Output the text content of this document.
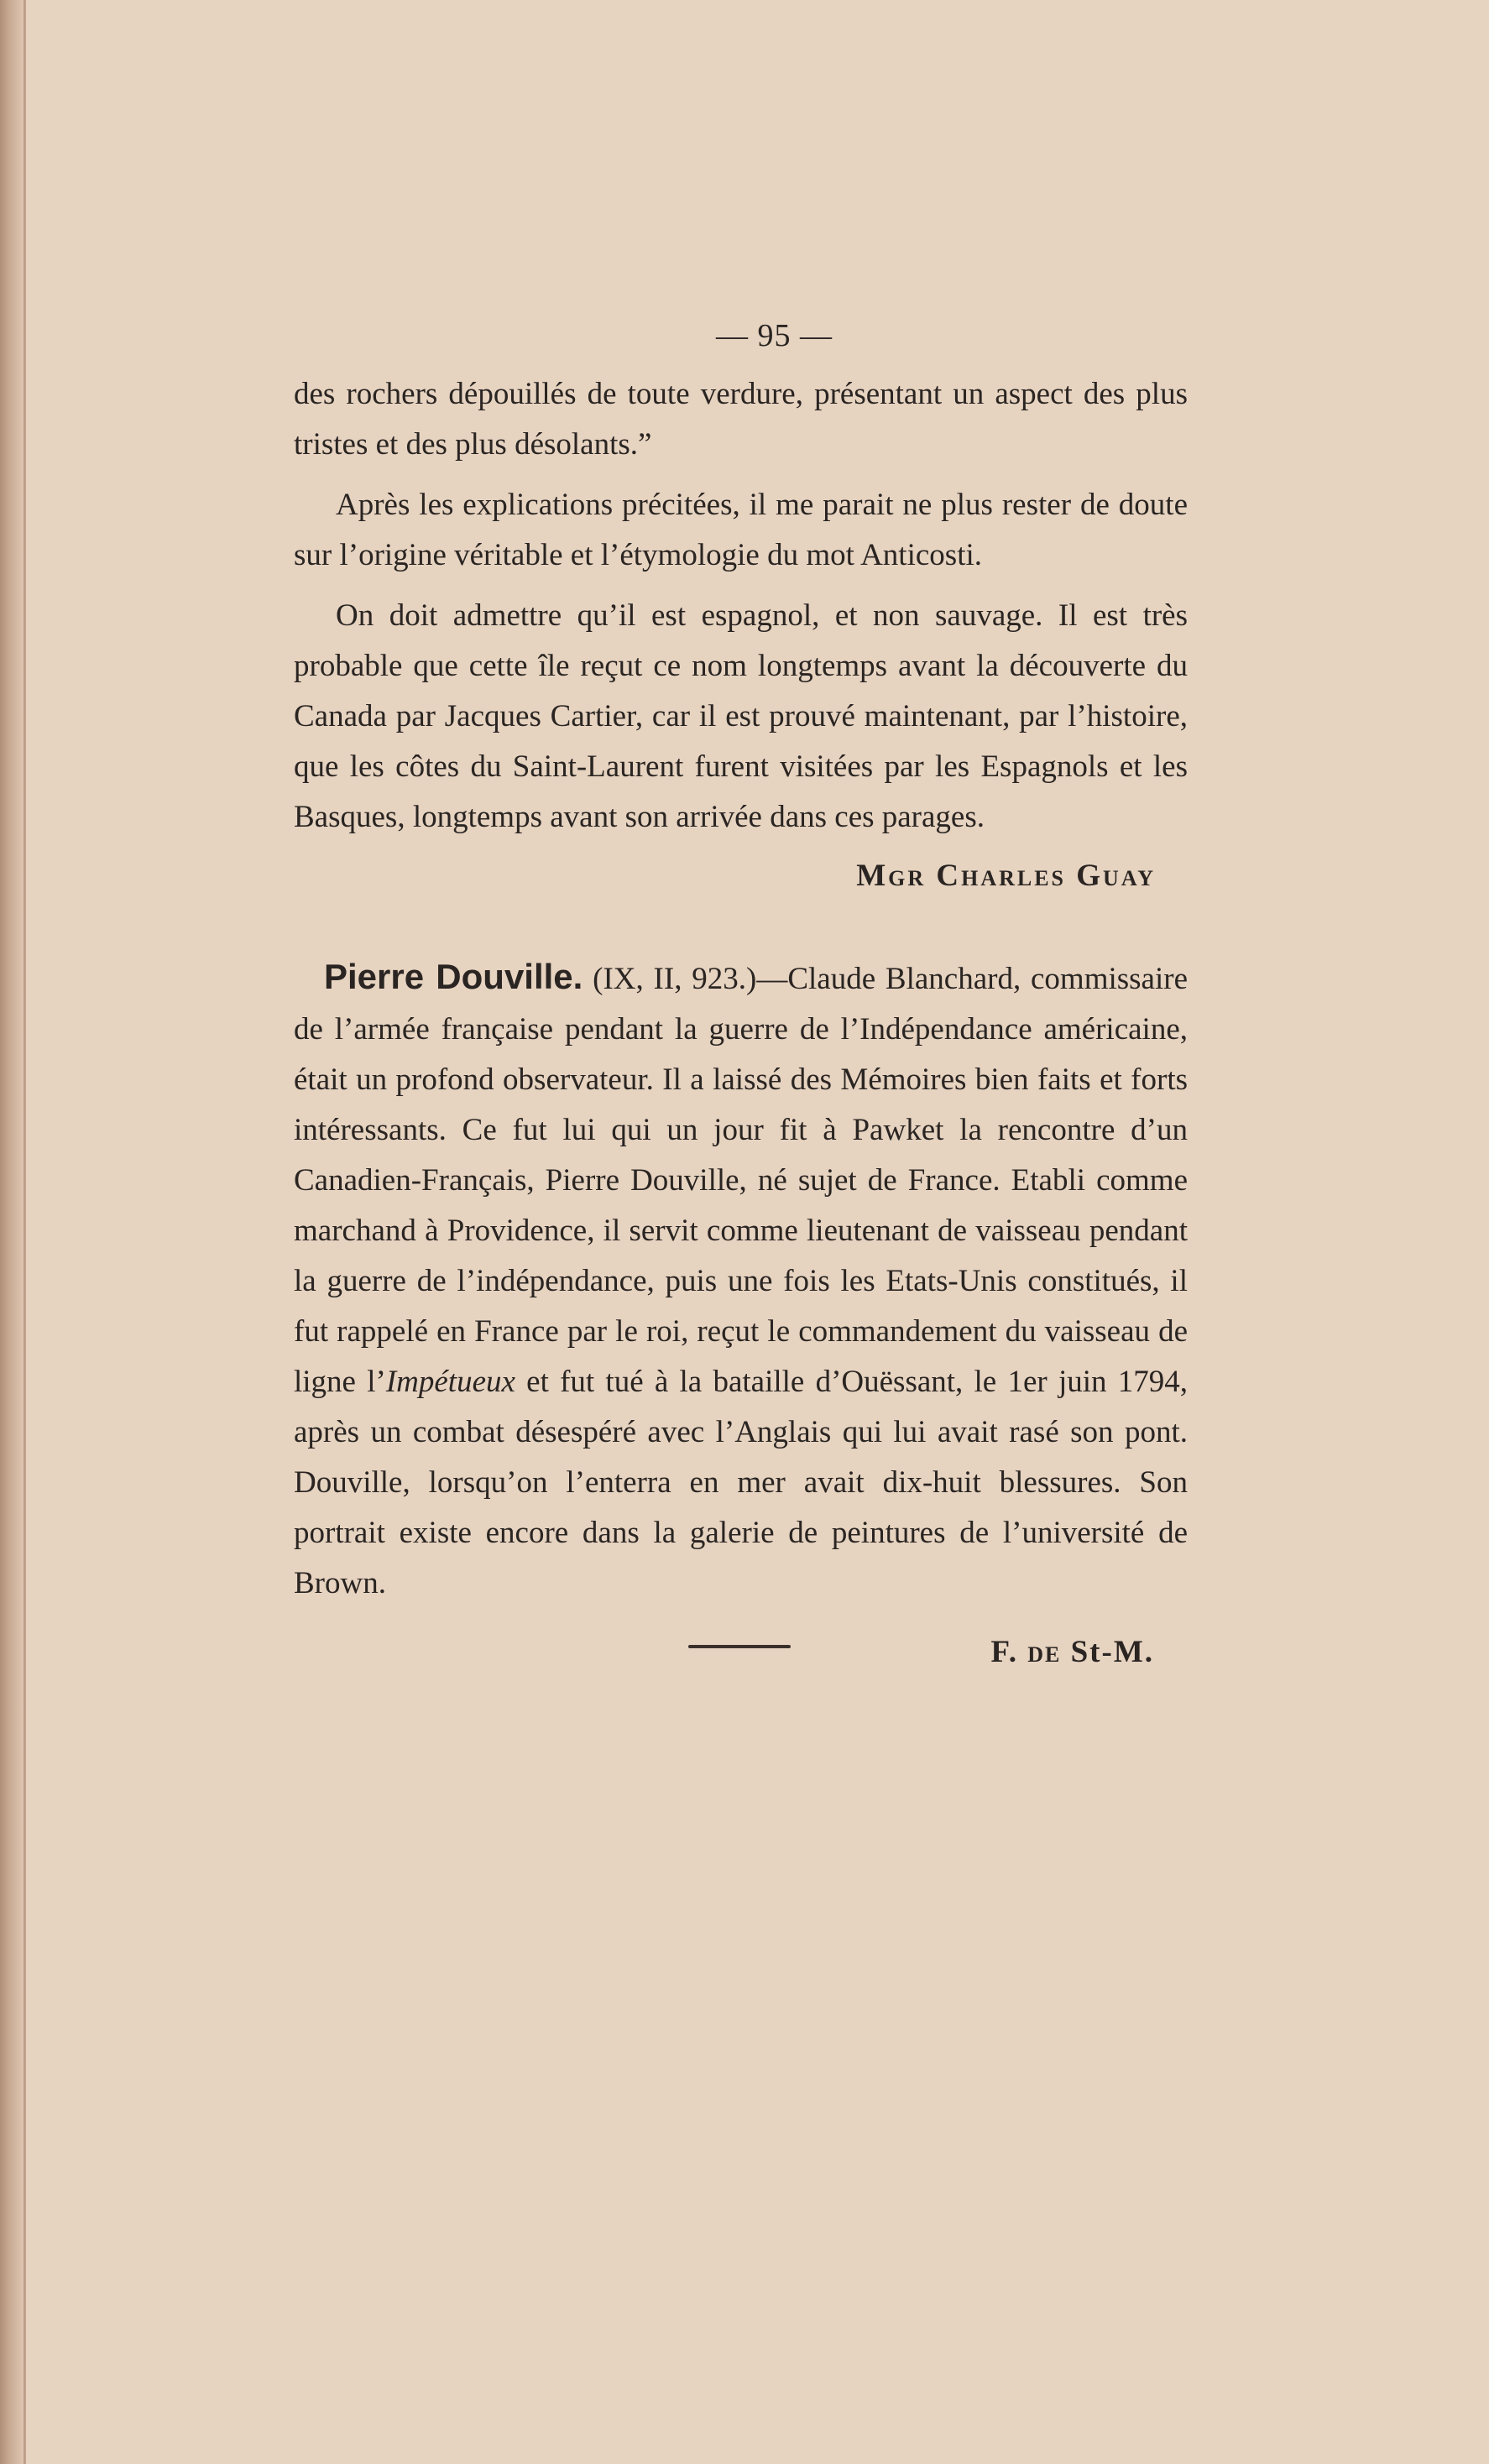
— 95 —

des rochers dépouillés de toute verdure, présentant un aspect des plus tristes et des plus désolants.”

Après les explications précitées, il me parait ne plus rester de doute sur l’origine véritable et l’étymologie du mot Anticosti.

On doit admettre qu’il est espagnol, et non sauvage. Il est très probable que cette île reçut ce nom longtemps avant la découverte du Canada par Jacques Cartier, car il est prouvé maintenant, par l’histoire, que les côtes du Saint-Laurent furent visitées par les Espagnols et les Basques, longtemps avant son arrivée dans ces parages.

Mgr Charles Guay

Pierre Douville. (IX, II, 923.)—Claude Blanchard, commissaire de l’armée française pendant la guerre de l’Indépendance américaine, était un profond observateur. Il a laissé des Mémoires bien faits et forts intéressants. Ce fut lui qui un jour fit à Pawket la rencontre d’un Canadien-Français, Pierre Douville, né sujet de France. Etabli comme marchand à Providence, il servit comme lieutenant de vaisseau pendant la guerre de l’indépendance, puis une fois les Etats-Unis constitués, il fut rappelé en France par le roi, reçut le commandement du vaisseau de ligne l’Impétueux et fut tué à la bataille d’Ouëssant, le 1er juin 1794, après un combat désespéré avec l’Anglais qui lui avait rasé son pont. Douville, lorsqu’on l’enterra en mer avait dix-huit blessures. Son portrait existe encore dans la galerie de peintures de l’université de Brown.

F. de St-M.
